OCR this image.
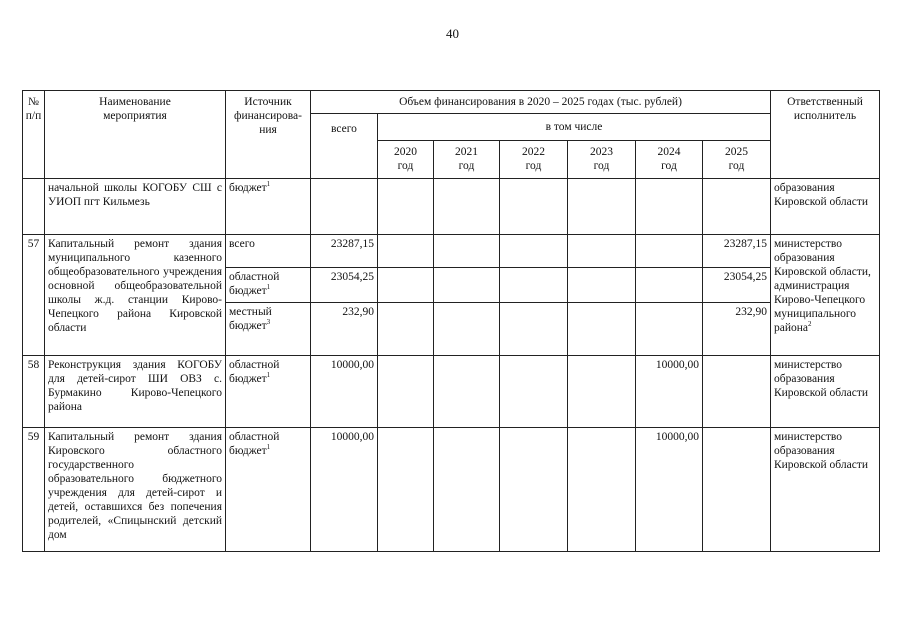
40
№ п/п	Наименование мероприятия	Источник финансирова-ния	Объем финансирования в 2020 – 2025 годах (тыс. рублей)							Ответственный исполнитель
			всего	в том числе						
				2020 год	2021 год	2022 год	2023 год	2024 год	2025 год	
	начальной школы КОГОБУ СШ с УИОП пгт Кильмезь	бюджет$^1$								образования Кировской области
57	Капитальный ремонт здания муниципального казенного общеобразовательного учреждения основной общеобразовательной школы ж.д. станции Кирово-Чепецкого района Кировской области	всего	23287,15						23287,15	министерство образования Кировской области, администрация Кирово-Чепецкого муниципального района$^2$
		областной бюджет$^1$	23054,25						23054,25	
		местный бюджет$^3$	232,90						232,90	
58	Реконструкция здания КОГОБУ для детей-сирот ШИ ОВЗ с. Бурмакино Кирово-Чепецкого района	областной бюджет$^1$	10000,00					10000,00		министерство образования Кировской области
59	Капитальный ремонт здания Кировского областного государственного образовательного бюджетного учреждения для детей-сирот и детей, оставшихся без попечения родителей, «Спицынский детский дом	областной бюджет$^1$	10000,00					10000,00		министерство образования Кировской области
